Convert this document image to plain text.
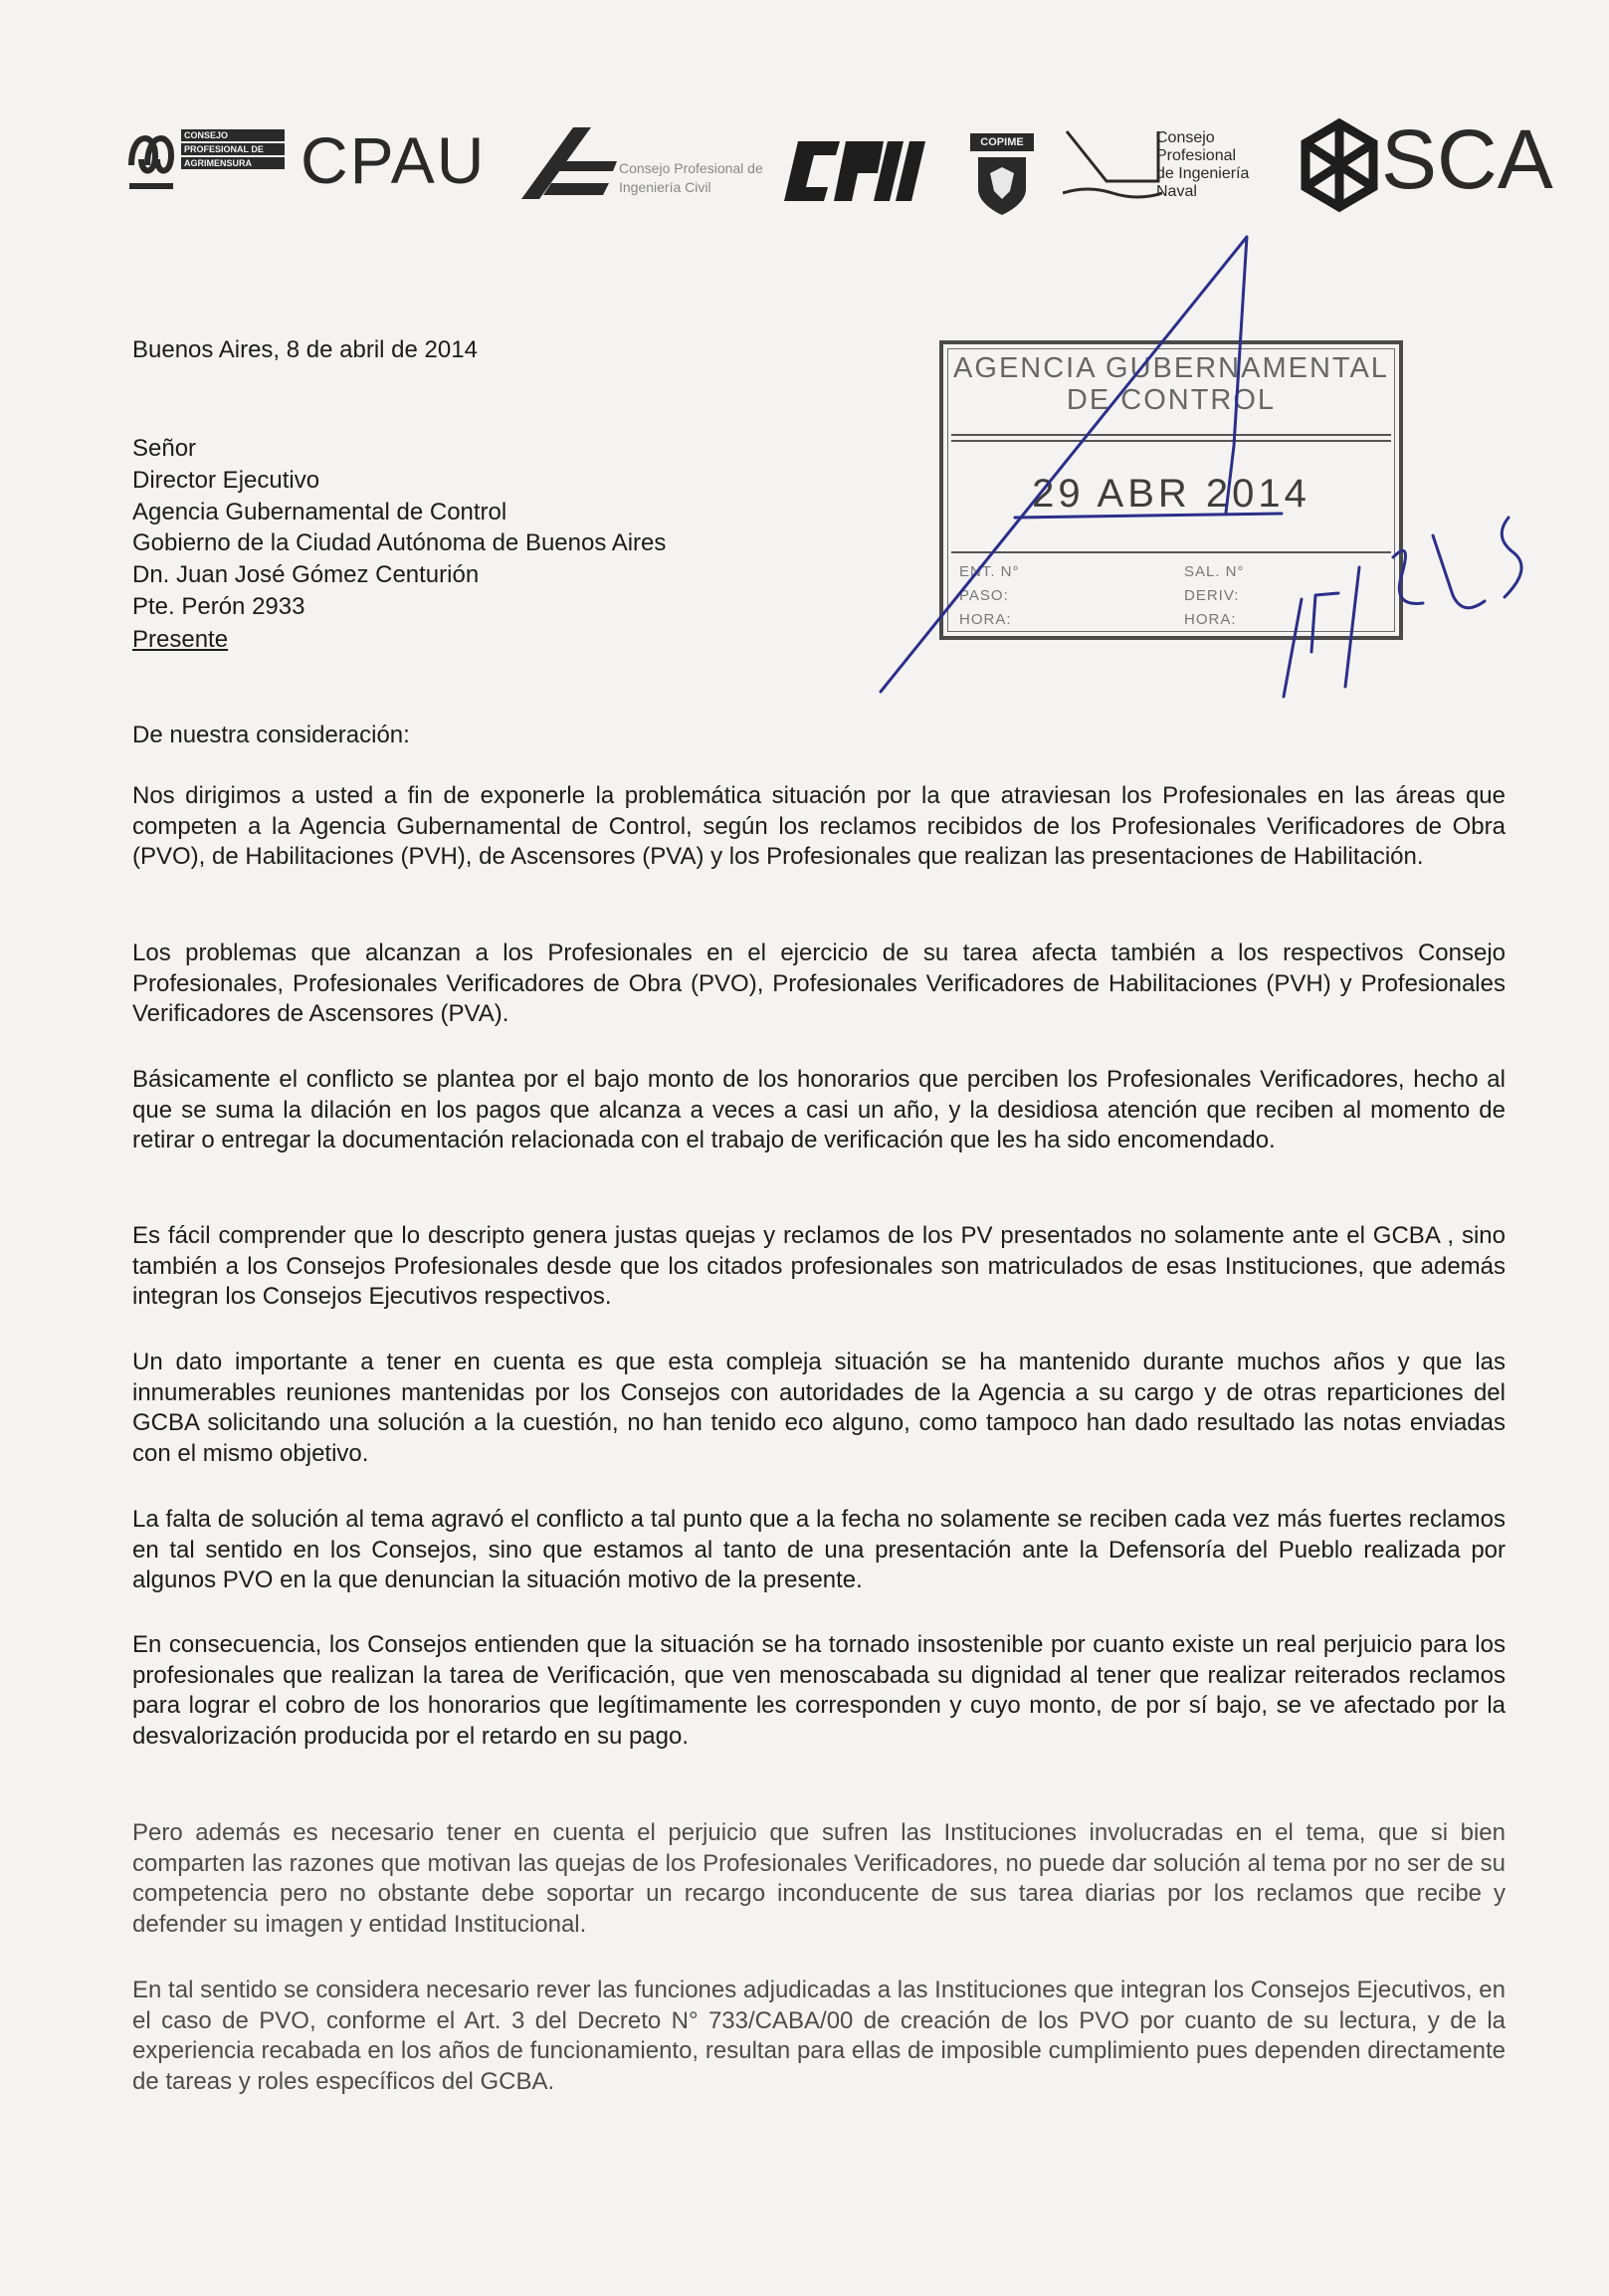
CONSEJO
PROFESIONAL DE
AGRIMENSURA CPAU	Consejo Profesional de Ingeniería Civil
COPIME	Consejo
Profesional
de Ingeniería
Naval	SCA
Buenos Aires, 8 de abril de 2014
Señor
Director Ejecutivo
Agencia Gubernamental de Control
Gobierno de la Ciudad Autónoma de Buenos Aires
Dn. Juan José Gómez Centurión
Pte. Perón 2933
Presente
AGENCIA GUBERNAMENTAL
DE CONTROL
29 ABR 2014
ENT. N°	SAL. N°
PASO:	DERIV:
HORA:	HORA:
12.30 hs
De nuestra consideración:
Nos dirigimos a usted a fin de exponerle la problemática situación por la que atraviesan los Profesionales en las áreas que competen a la Agencia Gubernamental de Control, según los reclamos recibidos de los Profesionales Verificadores de Obra (PVO), de Habilitaciones (PVH), de Ascensores (PVA) y los Profesionales que realizan las presentaciones de Habilitación.
Los problemas que alcanzan a los Profesionales en el ejercicio de su tarea afecta también a los respectivos Consejo Profesionales, Profesionales Verificadores de Obra (PVO), Profesionales Verificadores de Habilitaciones (PVH) y Profesionales Verificadores de Ascensores (PVA).
Básicamente el conflicto se plantea por el bajo monto de los honorarios que perciben los Profesionales Verificadores, hecho al que se suma la dilación en los pagos que alcanza a veces a casi un año, y la desidiosa atención que reciben al momento de retirar o entregar la documentación relacionada con el trabajo de verificación que les ha sido encomendado.
Es fácil comprender que lo descripto genera justas quejas y reclamos de los PV presentados no solamente ante el GCBA , sino también a los Consejos Profesionales desde que los citados profesionales son matriculados de esas Instituciones, que además integran los Consejos Ejecutivos respectivos.
Un dato importante a tener en cuenta es que esta compleja situación se ha mantenido durante muchos años y que las innumerables reuniones mantenidas por los Consejos con autoridades de la Agencia a su cargo y de otras reparticiones del GCBA solicitando una solución a la cuestión, no han tenido eco alguno, como tampoco han dado resultado las notas enviadas con el mismo objetivo.
La falta de solución al tema agravó el conflicto a tal punto que a la fecha no solamente se reciben cada vez más fuertes reclamos en tal sentido en los Consejos, sino que estamos al tanto de una presentación ante la Defensoría del Pueblo realizada por algunos PVO en la que denuncian la situación motivo de la presente.
En consecuencia, los Consejos entienden que la situación se ha tornado insostenible por cuanto existe un real perjuicio para los profesionales que realizan la tarea de Verificación, que ven menoscabada su dignidad al tener que realizar reiterados reclamos para lograr el cobro de los honorarios que legítimamente les corresponden y cuyo monto, de por sí bajo, se ve afectado por la desvalorización producida por el retardo en su pago.
Pero además es necesario tener en cuenta el perjuicio que sufren las Instituciones involucradas en el tema, que si bien comparten las razones que motivan las quejas de los Profesionales Verificadores, no puede dar solución al tema por no ser de su competencia pero no obstante debe soportar un recargo inconducente de sus tarea diarias por los reclamos que recibe y defender su imagen y entidad Institucional.
En tal sentido se considera necesario rever las funciones adjudicadas a las Instituciones que integran los Consejos Ejecutivos, en el caso de PVO, conforme el Art. 3 del Decreto N° 733/CABA/00 de creación de los PVO por cuanto de su lectura, y de la experiencia recabada en los años de funcionamiento, resultan para ellas de imposible cumplimiento pues dependen directamente de tareas y roles específicos del GCBA.
